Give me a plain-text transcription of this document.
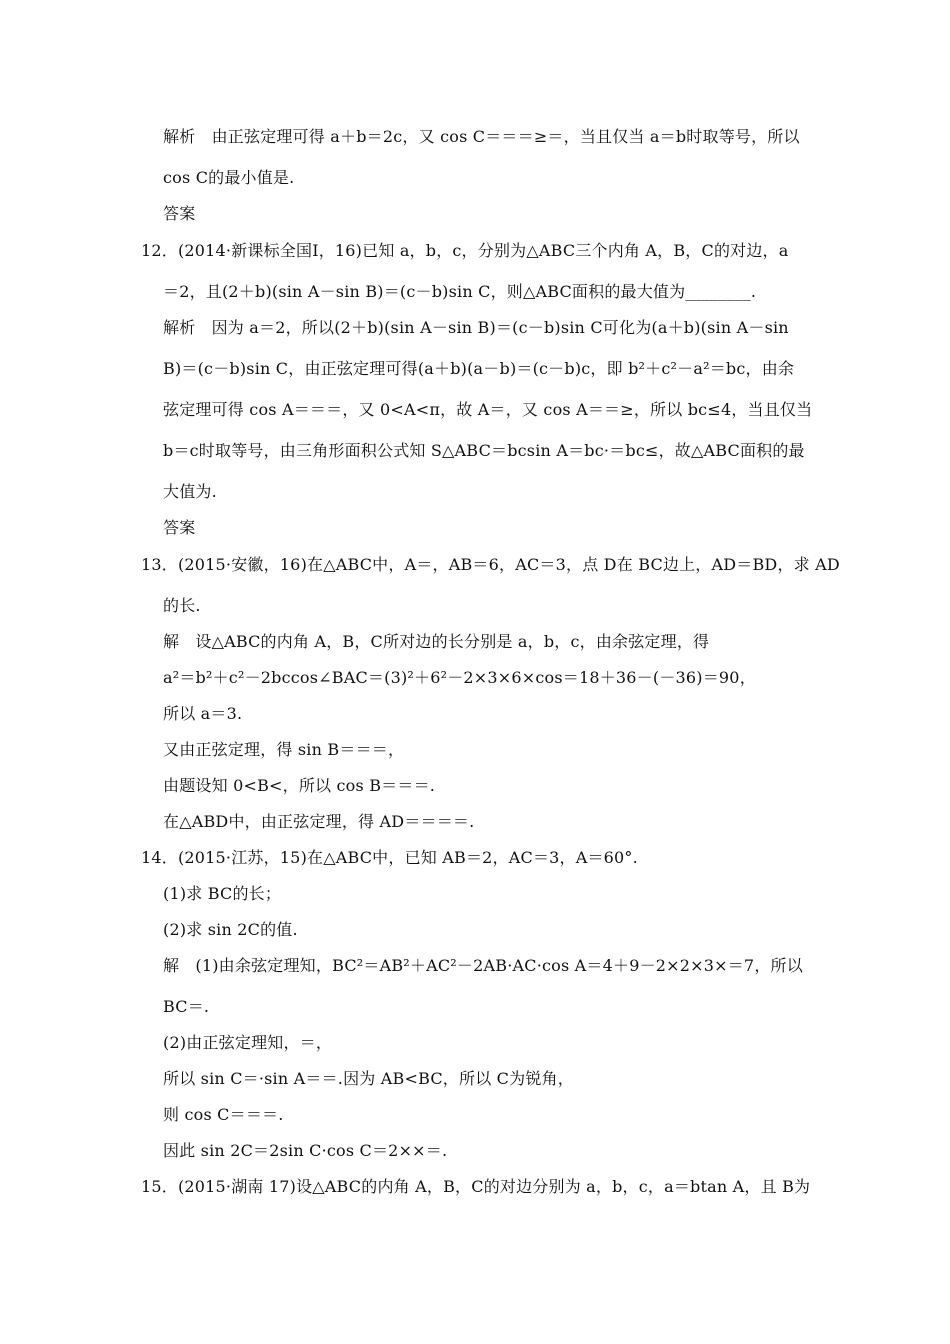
解析　由正弦定理可得 a＋b＝2c，又 cos C＝＝＝≥＝，当且仅当 a＝b时取等号，所以
cos C的最小值是.
答案
12．(2014·新课标全国Ⅰ，16)已知 a，b，c，分别为△ABC三个内角 A，B，C的对边，a
＝2，且(2＋b)(sin A－sin B)＝(c－b)sin C，则△ABC面积的最大值为________.
解析　因为 a＝2，所以(2＋b)(sin A－sin B)＝(c－b)sin C可化为(a＋b)(sin A－sin
B)＝(c－b)sin C，由正弦定理可得(a＋b)(a－b)＝(c－b)c，即 b²＋c²－a²＝bc，由余
弦定理可得 cos A＝＝＝，又 0<A<π，故 A＝，又 cos A＝＝≥，所以 bc≤4，当且仅当
b＝c时取等号，由三角形面积公式知 S△ABC＝bcsin A＝bc·＝bc≤，故△ABC面积的最
大值为.
答案
13．(2015·安徽，16)在△ABC中，A＝，AB＝6，AC＝3，点 D在 BC边上，AD＝BD，求 AD
的长.
解　设△ABC的内角 A，B，C所对边的长分别是 a，b，c，由余弦定理，得
a²＝b²＋c²－2bccos∠BAC＝(3)²＋6²－2×3×6×cos＝18＋36－(－36)＝90，
所以 a＝3.
又由正弦定理，得 sin B＝＝＝，
由题设知 0<B<，所以 cos B＝＝＝.
在△ABD中，由正弦定理，得 AD＝＝＝＝.
14．(2015·江苏，15)在△ABC中，已知 AB＝2，AC＝3，A＝60°.
(1)求 BC的长；
(2)求 sin 2C的值.
解　(1)由余弦定理知，BC²＝AB²＋AC²－2AB·AC·cos A＝4＋9－2×2×3×＝7，所以
BC＝.
(2)由正弦定理知，＝，
所以 sin C＝·sin A＝＝.因为 AB<BC，所以 C为锐角，
则 cos C＝＝＝.
因此 sin 2C＝2sin C·cos C＝2××＝.
15．(2015·湖南 17)设△ABC的内角 A，B，C的对边分别为 a，b，c，a＝btan A，且 B为
